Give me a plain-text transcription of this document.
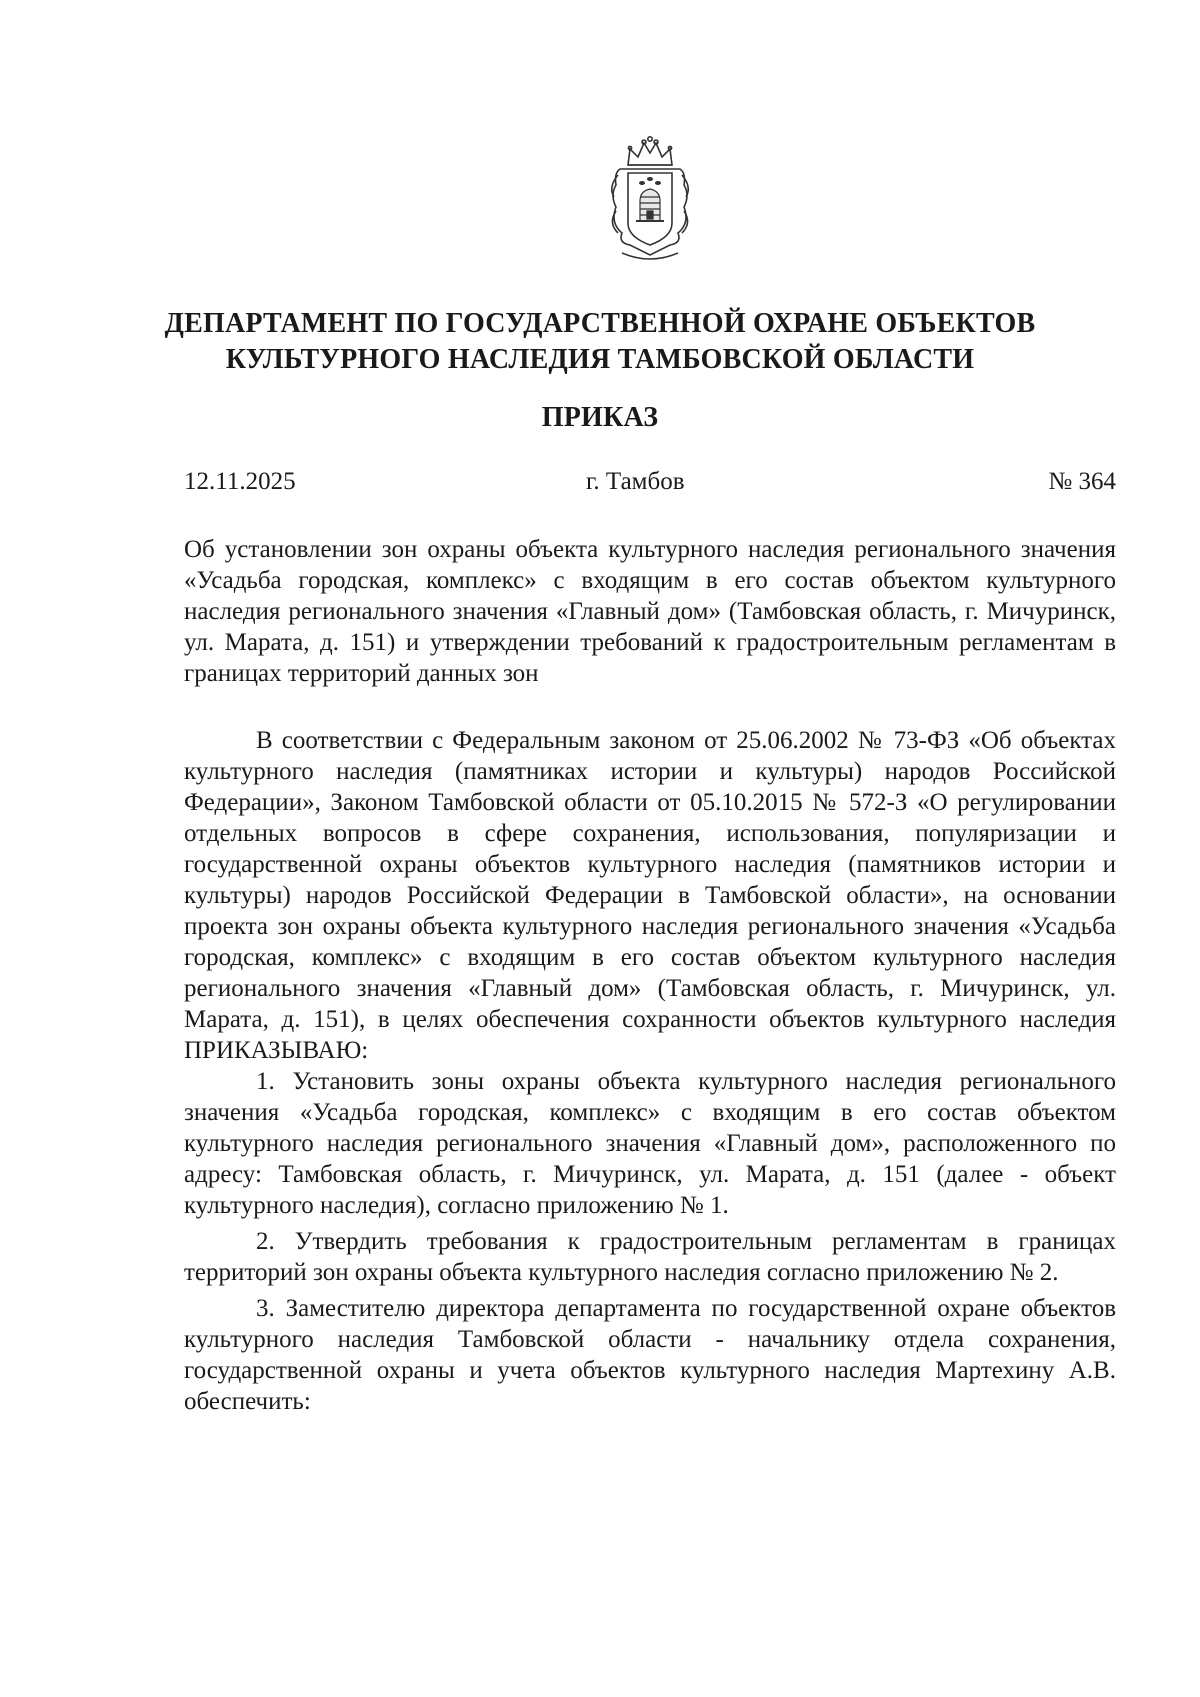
ДЕПАРТАМЕНТ ПО ГОСУДАРСТВЕННОЙ ОХРАНЕ ОБЪЕКТОВ КУЛЬТУРНОГО НАСЛЕДИЯ ТАМБОВСКОЙ ОБЛАСТИ
ПРИКАЗ
12.11.2025	г. Тамбов	№ 364
Об установлении зон охраны объекта культурного наследия регионального значения «Усадьба городская, комплекс» с входящим в его состав объектом культурного наследия регионального значения «Главный дом» (Тамбовская область, г. Мичуринск, ул. Марата, д. 151) и утверждении требований к градостроительным регламентам в границах территорий данных зон

В соответствии с Федеральным законом от 25.06.2002 № 73-ФЗ «Об объектах культурного наследия (памятниках истории и культуры) народов Российской Федерации», Законом Тамбовской области от 05.10.2015 № 572-З «О регулировании отдельных вопросов в сфере сохранения, использования, популяризации и государственной охраны объектов культурного наследия (памятников истории и культуры) народов Российской Федерации в Тамбовской области», на основании проекта зон охраны объекта культурного наследия регионального значения «Усадьба городская, комплекс» с входящим в его состав объектом культурного наследия регионального значения «Главный дом» (Тамбовская область, г. Мичуринск, ул. Марата, д. 151), в целях обеспечения сохранности объектов культурного наследия ПРИКАЗЫВАЮ:

1. Установить зоны охраны объекта культурного наследия регионального значения «Усадьба городская, комплекс» с входящим в его состав объектом культурного наследия регионального значения «Главный дом», расположенного по адресу: Тамбовская область, г. Мичуринск, ул. Марата, д. 151 (далее - объект культурного наследия), согласно приложению № 1.

2. Утвердить требования к градостроительным регламентам в границах территорий зон охраны объекта культурного наследия согласно приложению № 2.

3. Заместителю директора департамента по государственной охране объектов культурного наследия Тамбовской области - начальнику отдела сохранения, государственной охраны и учета объектов культурного наследия Мартехину А.В. обеспечить:
